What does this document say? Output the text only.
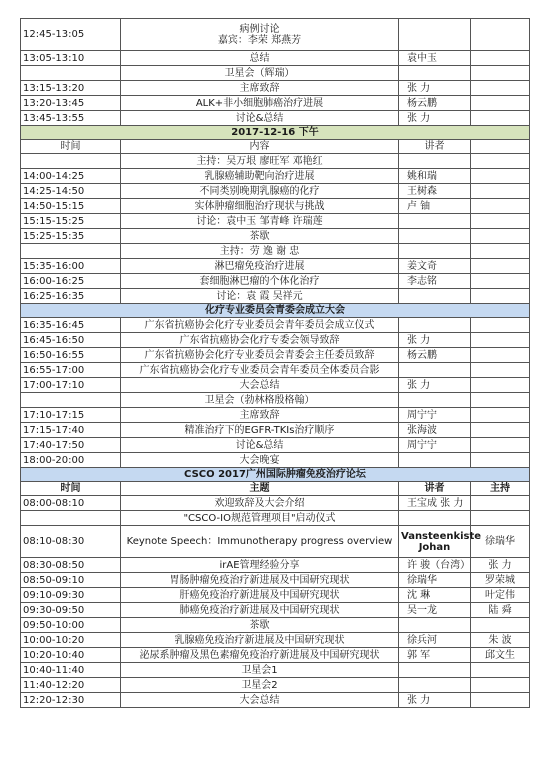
12:45-13:05	病例讨论
嘉宾：李荣 郑燕芳		

13:05-13:10	总结	袁中玉	

	卫星会（辉瑞）		

13:15-13:20	主席致辞	张 力	

13:20-13:45	ALK+非小细胞肺癌治疗进展	杨云鹏	

13:45-13:55	讨论&总结	张 力	

2017-12-16 下午			
时间	内容	讲者	

	主持：吴万垠 廖旺军 邓艳红		

14:00-14:25	乳腺癌辅助靶向治疗进展	姚和瑞	

14:25-14:50	不同类别晚期乳腺癌的化疗	王树森	

14:50-15:15	实体肿瘤细胞治疗现状与挑战	卢 铀	

15:15-15:25	讨论：袁中玉 邹青峰 许瑞莲		

15:25-15:35	茶歇		

	主持：劳 逸 谢 忠		

15:35-16:00	淋巴瘤免疫治疗进展	姜文奇	

16:00-16:25	套细胞淋巴瘤的个体化治疗	李志铭	

16:25-16:35	讨论：袁 霞 吴祥元		

化疗专业委员会青委会成立大会			
16:35-16:45	广东省抗癌协会化疗专业委员会青年委员会成立仪式		

16:45-16:50	广东省抗癌协会化疗专委会领导致辞	张 力	

16:50-16:55	广东省抗癌协会化疗专业委员会青委会主任委员致辞	杨云鹏	

16:55-17:00	广东省抗癌协会化疗专业委员会青年委员全体委员合影		

17:00-17:10	大会总结	张 力	

	卫星会（勃林格殷格翰）		

17:10-17:15	主席致辞	周宁宁	

17:15-17:40	精准治疗下的EGFR-TKIs治疗顺序	张海波	

17:40-17:50	讨论&总结	周宁宁	

18:00-20:00	大会晚宴		

CSCO 2017广州国际肿瘤免疫治疗论坛			
时间	主题	讲者	主持
08:00-08:10	欢迎致辞及大会介绍	王宝成 张 力	

	"CSCO-IO规范管理项目"启动仪式		

08:10-08:30	Keynote Speech：Immunotherapy progress overview	Vansteenkiste
Johan	徐瑞华
08:30-08:50	irAE管理经验分享	许 骏（台湾）	张 力
08:50-09:10	胃肠肿瘤免疫治疗新进展及中国研究现状	徐瑞华	罗荣城
09:10-09:30	肝癌免疫治疗新进展及中国研究现状	沈 琳	叶定伟
09:30-09:50	肺癌免疫治疗新进展及中国研究现状	吴一龙	陆 舜
09:50-10:00	茶歇		

10:00-10:20	乳腺癌免疫治疗新进展及中国研究现状	徐兵河	朱 波
10:20-10:40	泌尿系肿瘤及黑色素瘤免疫治疗新进展及中国研究现状	郭 军	邱文生
10:40-11:40	卫星会1		

11:40-12:20	卫星会2		

12:20-12:30	大会总结	张 力	
